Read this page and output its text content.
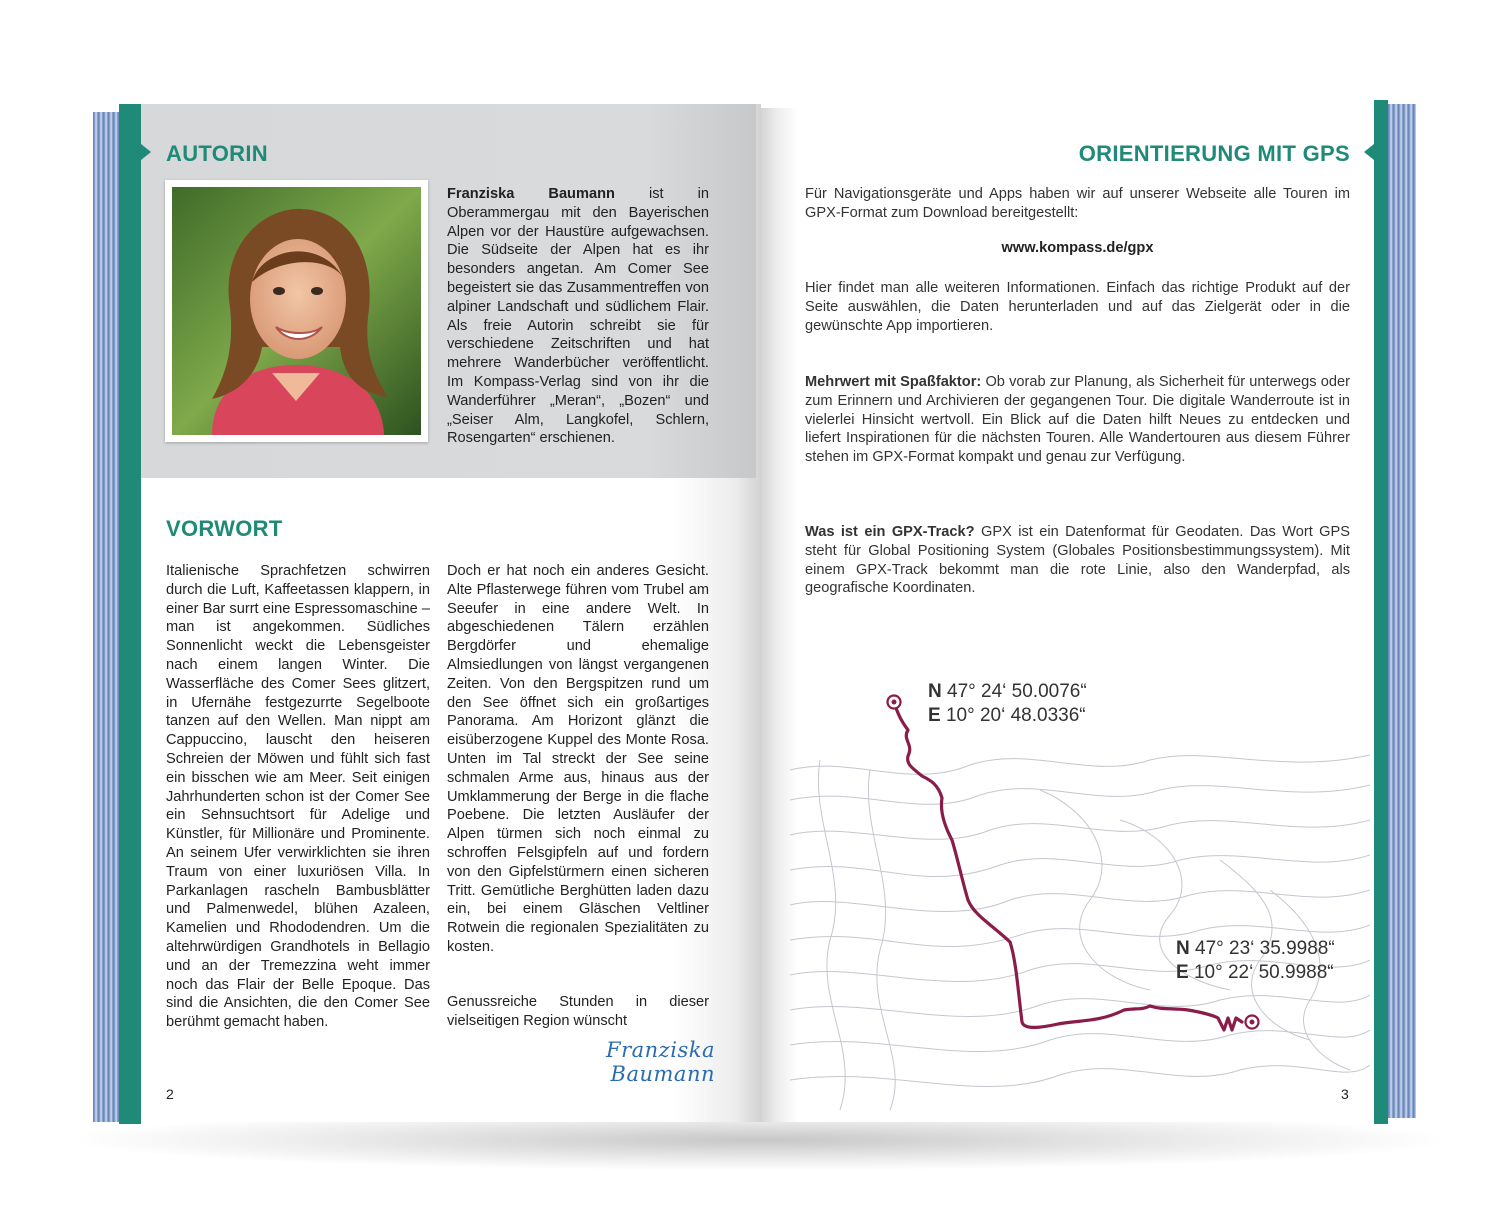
AUTORIN

Franziska Baumann ist in Oberammergau mit den Bayerischen Alpen vor der Haustüre aufgewachsen. Die Südseite der Alpen hat es ihr besonders angetan. Am Comer See begeistert sie das Zusammentreffen von alpiner Landschaft und südlichem Flair. Als freie Autorin schreibt sie für verschiedene Zeitschriften und hat mehrere Wanderbücher veröffentlicht. Im Kompass-Verlag sind von ihr die Wanderführer „Meran“, „Bozen“ und „Seiser Alm, Langkofel, Schlern, Rosengarten“ erschienen.

VORWORT

Italienische Sprachfetzen schwirren durch die Luft, Kaffeetassen klappern, in einer Bar surrt eine Espressomaschine – man ist angekommen. Südliches Sonnenlicht weckt die Lebensgeister nach einem langen Winter. Die Wasserfläche des Comer Sees glitzert, in Ufernähe festgezurrte Segelboote tanzen auf den Wellen. Man nippt am Cappuccino, lauscht den heiseren Schreien der Möwen und fühlt sich fast ein bisschen wie am Meer. Seit einigen Jahrhunderten schon ist der Comer See ein Sehnsuchtsort für Adelige und Künstler, für Millionäre und Prominente. An seinem Ufer verwirklichten sie ihren Traum von einer luxuriösen Villa. In Parkanlagen rascheln Bambusblätter und Palmenwedel, blühen Azaleen, Kamelien und Rhododendren. Um die altehrwürdigen Grandhotels in Bellagio und an der Tremezzina weht immer noch das Flair der Belle Epoque. Das sind die Ansichten, die den Comer See berühmt gemacht haben.

Doch er hat noch ein anderes Gesicht. Alte Pflasterwege führen vom Trubel am Seeufer in eine andere Welt. In abgeschiedenen Tälern erzählen Bergdörfer und ehemalige Almsiedlungen von längst vergangenen Zeiten. Von den Bergspitzen rund um den See öffnet sich ein großartiges Panorama. Am Horizont glänzt die eisüberzogene Kuppel des Monte Rosa. Unten im Tal streckt der See seine schmalen Arme aus, hinaus aus der Umklammerung der Berge in die flache Poebene. Die letzten Ausläufer der Alpen türmen sich noch einmal zu schroffen Felsgipfeln auf und fordern von den Gipfelstürmern einen sicheren Tritt. Gemütliche Berghütten laden dazu ein, bei einem Gläschen Veltliner Rotwein die regionalen Spezialitäten zu kosten.

Genussreiche Stunden in dieser vielseitigen Region wünscht

Franziska Baumann

2

ORIENTIERUNG MIT GPS

Für Navigationsgeräte und Apps haben wir auf unserer Webseite alle Touren im GPX-Format zum Download bereitgestellt:

www.kompass.de/gpx

Hier findet man alle weiteren Informationen. Einfach das richtige Produkt auf der Seite auswählen, die Daten herunterladen und auf das Zielgerät oder in die gewünschte App importieren.

Mehrwert mit Spaßfaktor: Ob vorab zur Planung, als Sicherheit für unterwegs oder zum Erinnern und Archivieren der gegangenen Tour. Die digitale Wanderroute ist in vielerlei Hinsicht wertvoll. Ein Blick auf die Daten hilft Neues zu entdecken und liefert Inspirationen für die nächsten Touren. Alle Wandertouren aus diesem Führer stehen im GPX-Format kompakt und genau zur Verfügung.

Was ist ein GPX-Track? GPX ist ein Datenformat für Geodaten. Das Wort GPS steht für Global Positioning System (Globales Positionsbestimmungssystem). Mit einem GPX-Track bekommt man die rote Linie, also den Wanderpfad, als geografische Koordinaten.

N 47° 24‘ 50.0076“
E 10° 20‘ 48.0336“

N 47° 23‘ 35.9988“
E 10° 22‘ 50.9988“

3
